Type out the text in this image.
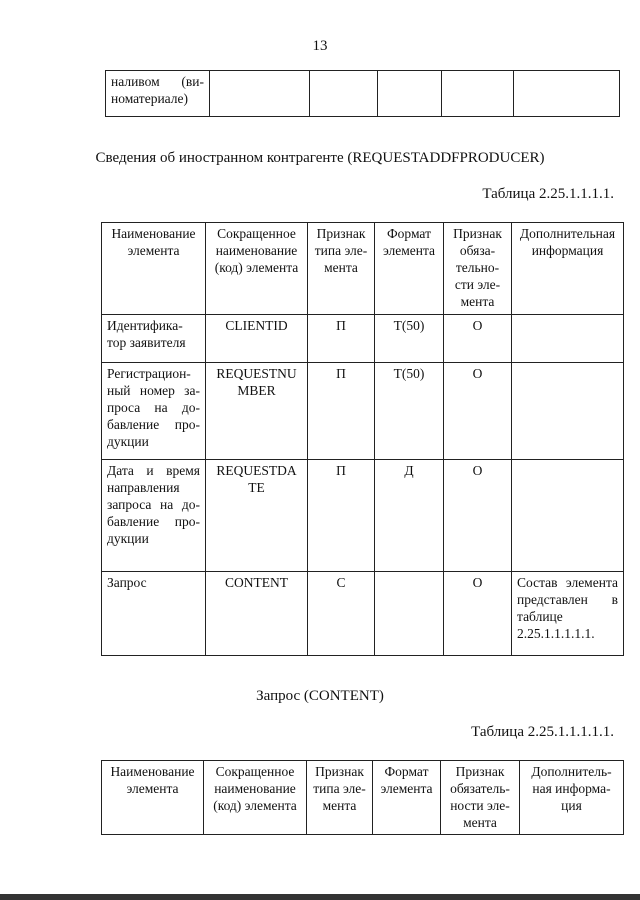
13
наливом (ви-номатериале)					
Сведения об иностранном контрагенте (REQUESTADDFPRODUCER)
Таблица 2.25.1.1.1.1.
Наименование элемента	Сокращенное наименование (код) элемента	Признак типа эле-мента	Формат элемента	Признак обяза-тельно-сти эле-мента	Дополнительная информация
Идентифика-тор заявителя	CLIENTID	П	Т(50)	О	
Регистрацион-ный номер за-проса на до-бавление про-дукции	REQUESTNU MBER	П	Т(50)	О	
Дата и время направления запроса на до-бавление про-дукции	REQUESTDA TE	П	Д	О	
Запрос	CONTENT	С		О	Состав элемента представлен в таблице 2.25.1.1.1.1.1.
Запрос (CONTENT)
Таблица 2.25.1.1.1.1.1.
Наименование элемента	Сокращенное наименование (код) элемента	Признак типа эле-мента	Формат элемента	Признак обязатель-ности эле-мента	Дополнитель-ная информа-ция
